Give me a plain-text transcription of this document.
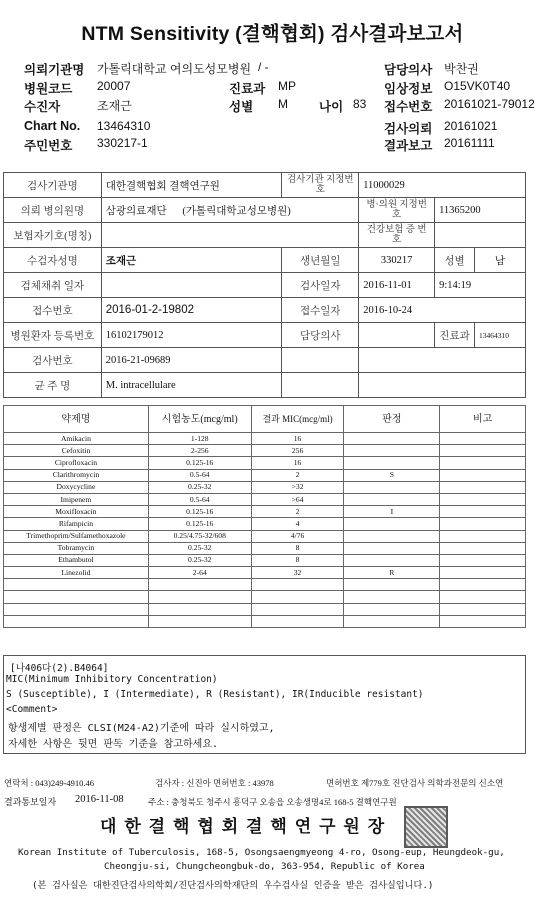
NTM Sensitivity (결핵협회) 검사결과보고서
의뢰기관명 가톨릭대학교 여의도성모병원 / -	담당의사 박찬권
병원코드 20007	진료과 MP	임상정보 O15VK0T40
수진자	조재근	성별 M 나이 83 접수번호 20161021-79012
Chart No. 13464310	검사의뢰 20161021
주민번호 330217-1	결과보고 20161111
검사기관명	대한결핵협회 결핵연구원	검사기관 지정번호	11000029		
의뢰 병의원명	삼광의료재단 (가톨릭대학교성모병원)		병·의원 지정번호	11365200	
보험자기호(명칭)			건강보험 증 번 호		
수검자성명	조재근	생년월일	330217	성별	남
검체채취 일자		검사일자	2016-11-01	9:14:19	
접수번호	2016-01-2-19802	접수일자	2016-10-24		
병원환자 등록번호	16102179012	담당의사		진료과	13464310
검사번호	2016-21-09689				
균 주 명	M. intracellulare				
약제명	시험농도(mcg/ml)	결과 MIC(mcg/ml)	판정	비고
Amikacin	1-128	16		
Cefoxitin	2-256	256		
Ciprofloxacin	0.125-16	16		
Clarithromycin	0.5-64	2	S	
Doxycycline	0.25-32	>32		
Imipenem	0.5-64	>64		
Moxifloxacin	0.125-16	2	I	
Rifampicin	0.125-16	4		
Trimethoprim/Sulfamethoxazole	0.25/4.75-32/608	4/76		
Tobramycin	0.25-32	8		
Ethambutol	0.25-32	8		
Linezolid	2-64	32	R	

[나406다(2).B4064]
MIC(Minimum Inhibitory Concentration)
S (Susceptible), I (Intermediate), R (Resistant), IR(Inducible resistant)
<Comment>
항생제별 판정은 CLSI(M24-A2)기준에 따라 실시하였고,
자세한 사항은 뒷면 판독 기준을 참고하세요.
연락처 : 043)249-4910.46	검사자 : 신진아 면허번호 : 43978	면허번호 제779호 진단검사 의학과전문의 신소연
결과통보일자 2016-11-08	주소 : 충청북도 청주시 흥덕구 오송읍 오송생명4로 168-5 결핵연구원
대 한 결 핵 협 회 결 핵 연 구 원 장
Korean Institute of Tuberculosis, 168-5, Osongsaengmyeong 4-ro, Osong-eup, Heungdeok-gu,
Cheongju-si, Chungcheongbuk-do, 363-954, Republic of Korea
(본 검사실은 대한진단검사의학회/진단검사의학재단의 우수검사실 인증을 받은 검사실입니다.)
